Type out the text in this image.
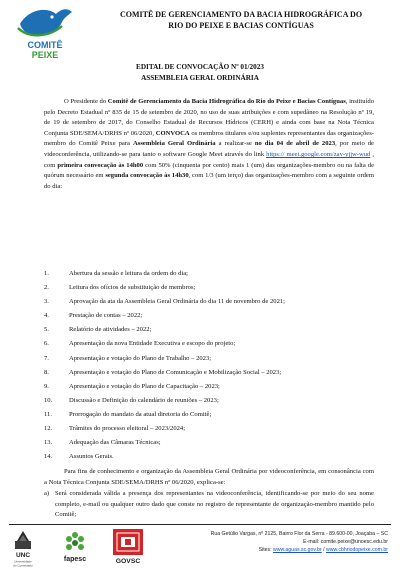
COMITÊ
PEIXE
COMITÊ DE GERENCIAMENTO DA BACIA HIDROGRÁFICA DO
RIO DO PEIXE E BACIAS CONTÍGUAS
EDITAL DE CONVOCAÇÃO Nº 01/2023
ASSEMBLEIA GERAL ORDINÁRIA
O Presidente do Comitê de Gerenciamento da Bacia Hidrográfica do Rio do Peixe e Bacias Contíguas, instituído pelo Decreto Estadual nº 835 de 15 de setembro de 2020, no uso de suas atribuições e com supedâneo na Resolução nº 19, de 19 de setembro de 2017, do Conselho Estadual de Recursos Hídricos (CERH) e ainda com base na Nota Técnica Conjunta SDE/SEMA/DRHS nº 06/2020, CONVOCA os membros titulares e/ou suplentes representantes das organizações-membro do Comitê Peixe para Assembleia Geral Ordinária a realizar-se no dia 04 de abril de 2023, por meio de videoconferência, utilizando-se para tanto o software Google Meet através do link https:// meet.google.com/zav-yjjw-wud , com primeira convocação às 14h00 com 50% (cinquenta por cento) mais 1 (um) das organizações-membro ou na falta de quórum necessário em segunda convocação às 14h30, com 1/3 (um terço) das organizações-membro com a seguinte ordem do dia:
1.	Abertura da sessão e leitura da ordem do dia;
2.	Leitura dos ofícios de substituição de membros;
3.	Aprovação da ata da Assembleia Geral Ordinária do dia 11 de novembro de 2021;
4.	Prestação de contas – 2022;
5.	Relatório de atividades – 2022;
6.	Apresentação da nova Entidade Executiva e escopo do projeto;
7.	Apresentação e votação do Plano de Trabalho – 2023;
8.	Apresentação e votação do Plano de Comunicação e Mobilização Social – 2023;
9.	Apresentação e votação do Plano de Capacitação – 2023;
10.	Discussão e Definição do calendário de reuniões – 2023;
11.	Prorrogação do mandato da atual diretoria do Comitê;
12.	Trâmites do processo eleitoral – 2023/2024;
13.	Adequação das Câmaras Técnicas;
14.	Assuntos Gerais.
Para fins de conhecimento e organização da Assembleia Geral Ordinária por videoconferência, em consonância com a Nota Técnica Conjunta SDE/SEMA/DRHS nº 06/2020, explica-se:
a) Será considerada válida a presença dos representantes na videoconferência, identificando-se por meio do seu nome completo, e-mail ou qualquer outro dado que conste no registro de representante de organização-membro mantido pelo Comitê;
UNC
Universidade
do Contestado
fapesc	GOVSC
Rua Getúlio Vargas, nº 2125, Bairro Flor da Serra - 89.600-00, Joaçaba – SC
E-mail: comite.peixe@unoesc.edu.br
Sites: www.aguas.sc.gov.br / www.cbhriodopeixe.com.br
